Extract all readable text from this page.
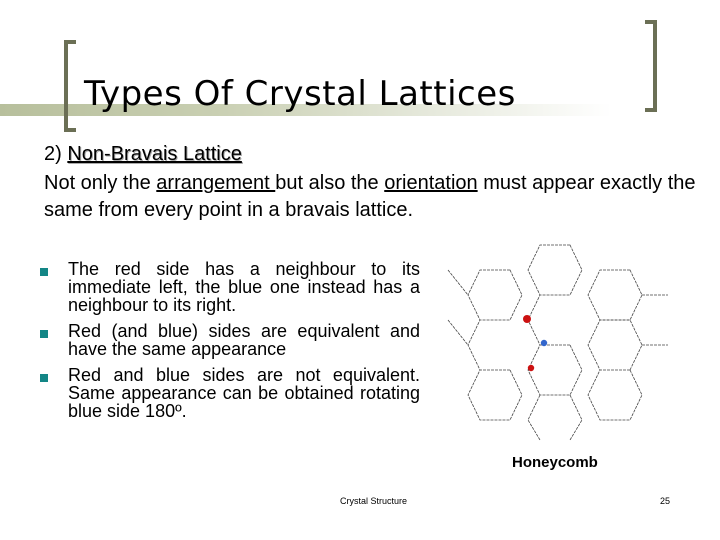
Types Of Crystal Lattices
2) Non-Bravais Lattice
Not only the arrangement but also the orientation must appear exactly the same from every point in a bravais lattice.
The red side has a neighbour to its immediate left, the blue one instead has a neighbour to its right.
Red (and blue) sides are equivalent and have the same appearance
Red and blue sides are not equivalent. Same appearance can be obtained rotating blue side 180º.
Honeycomb
Crystal Structure	25
